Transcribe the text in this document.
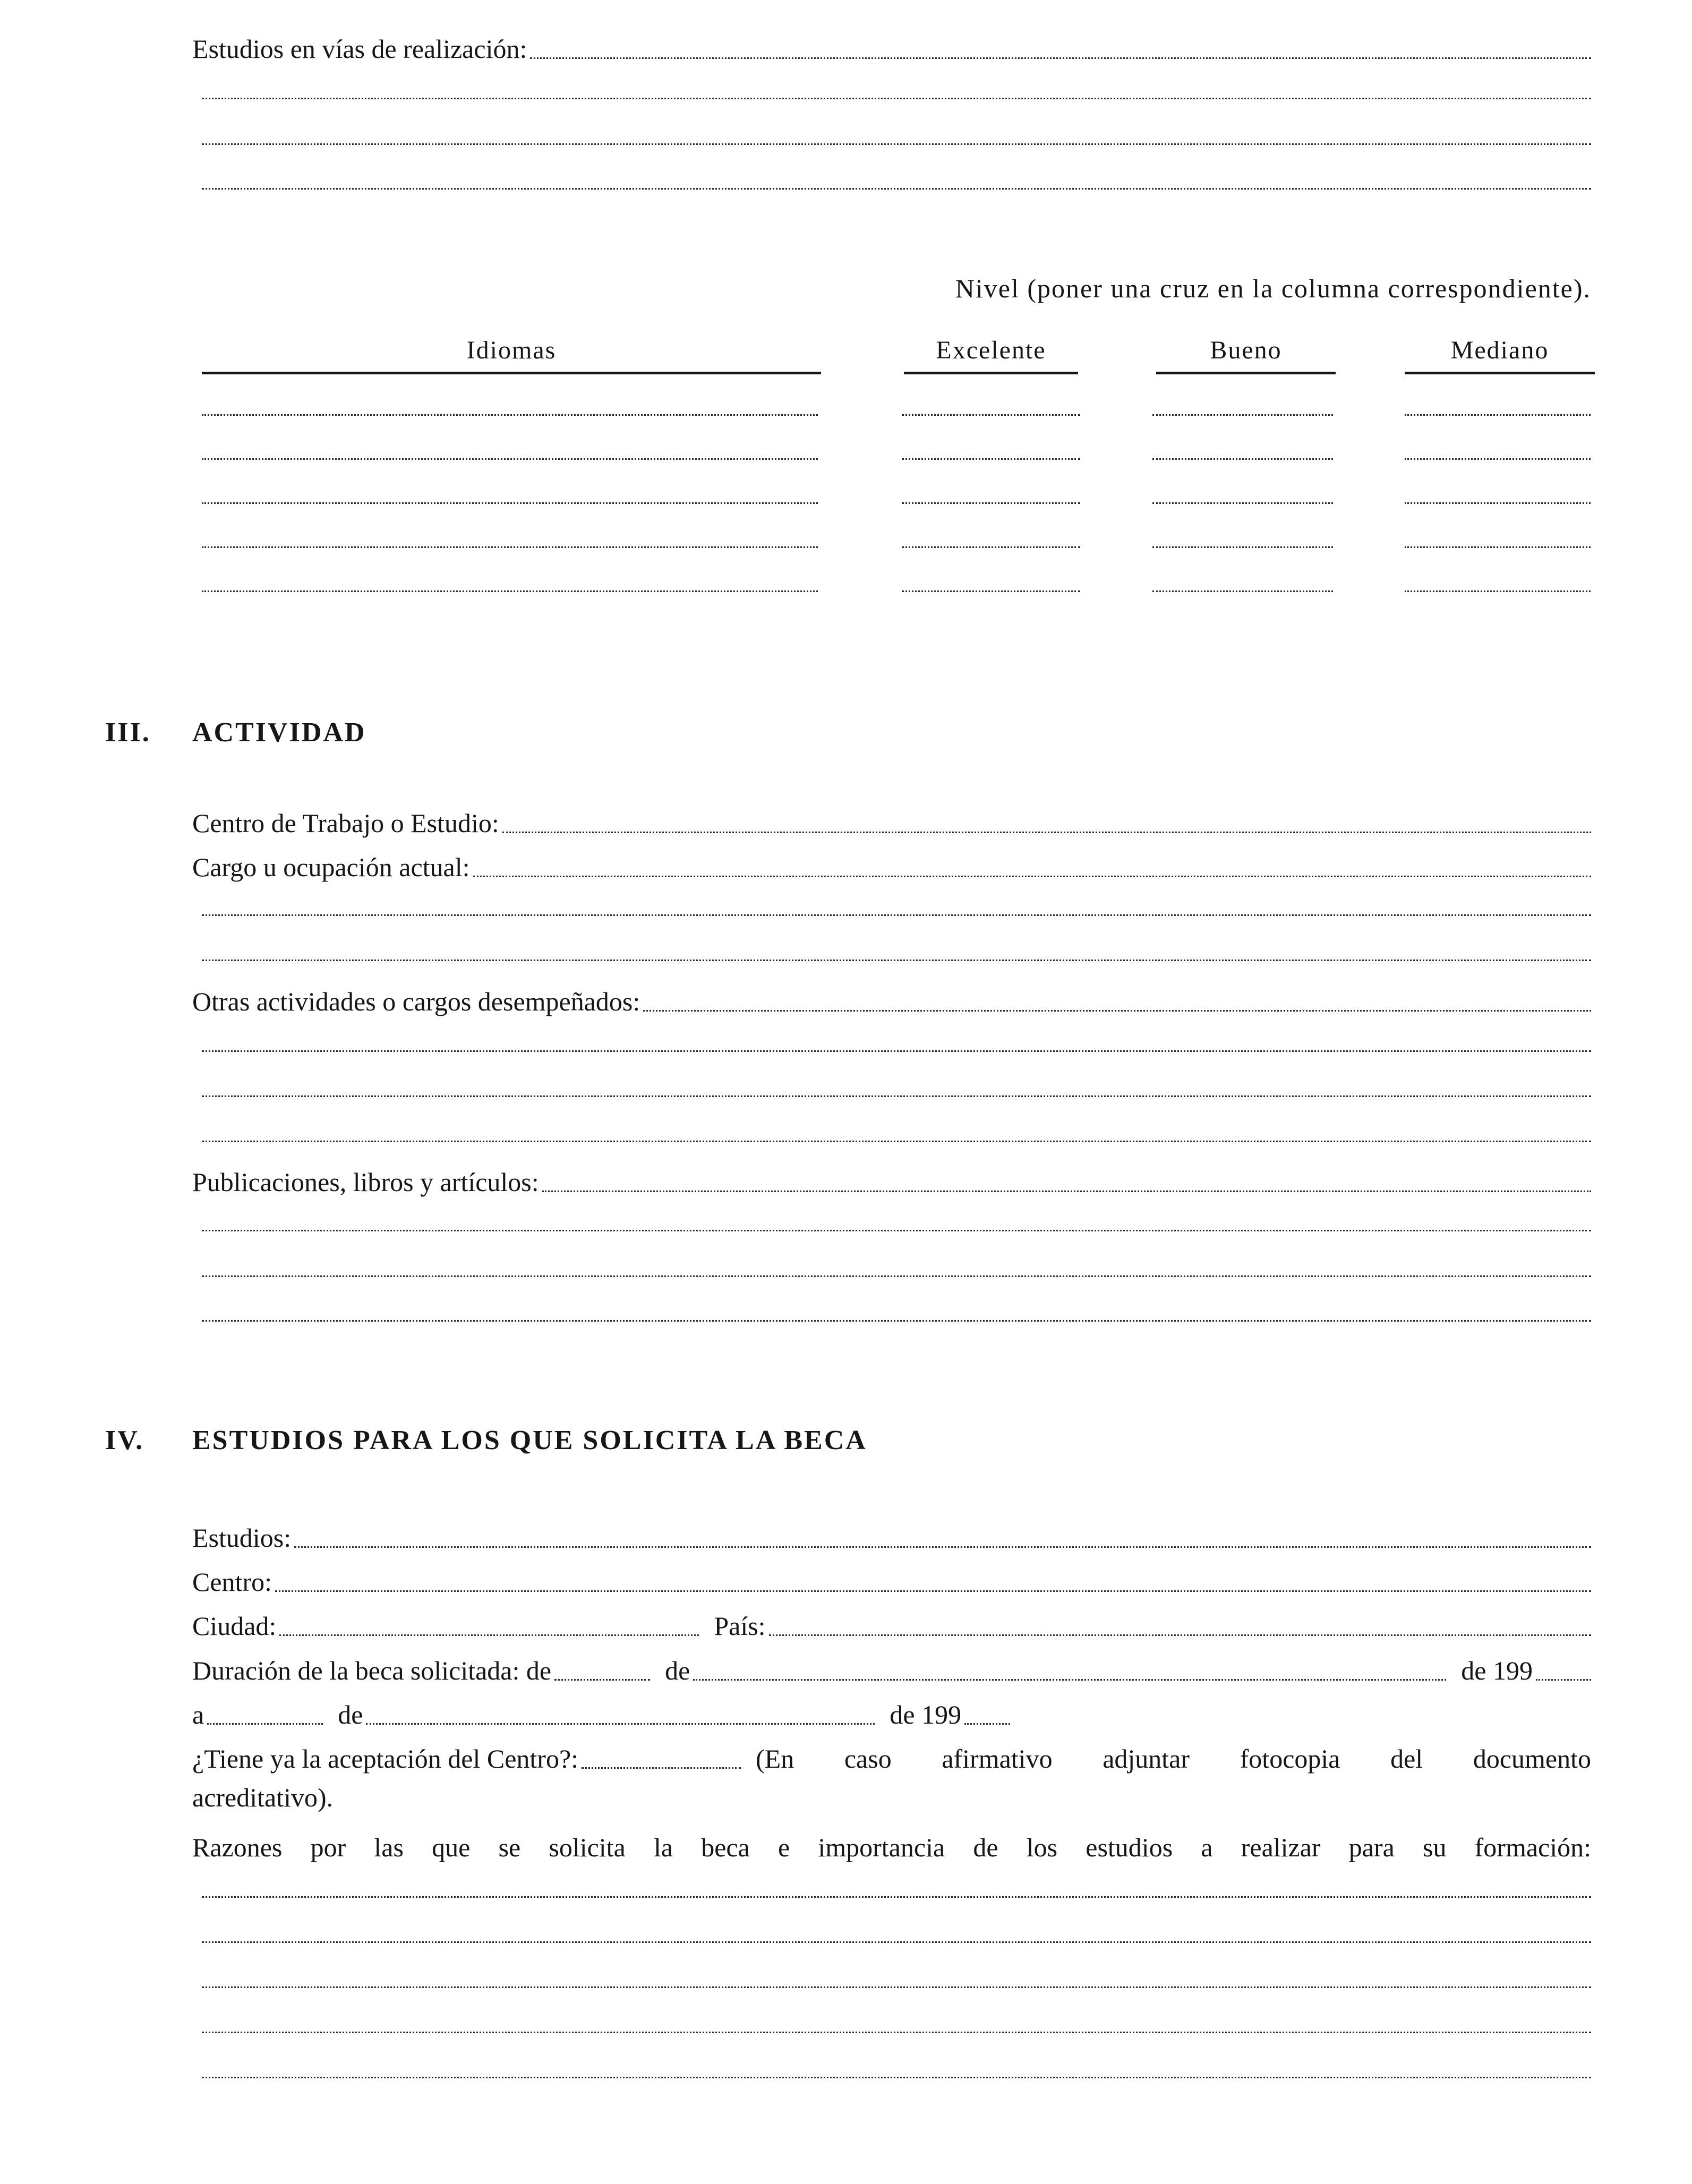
Estudios en vías de realización:
Nivel (poner una cruz en la columna correspondiente).
Idiomas	Excelente	Bueno	Mediano
III. ACTIVIDAD
Centro de Trabajo o Estudio:
Cargo u ocupación actual:
Otras actividades o cargos desempeñados:
Publicaciones, libros y artículos:
IV. ESTUDIOS PARA LOS QUE SOLICITA LA BECA
Estudios:
Centro:
Ciudad:	País:
Duración de la beca solicitada: de	de	de 199
a	de	de 199
¿Tiene ya la aceptación del Centro?:	(En caso afirmativo adjuntar fotocopia del documento
acreditativo).
Razones por las que se solicita la beca e importancia de los estudios a realizar para su formación:
